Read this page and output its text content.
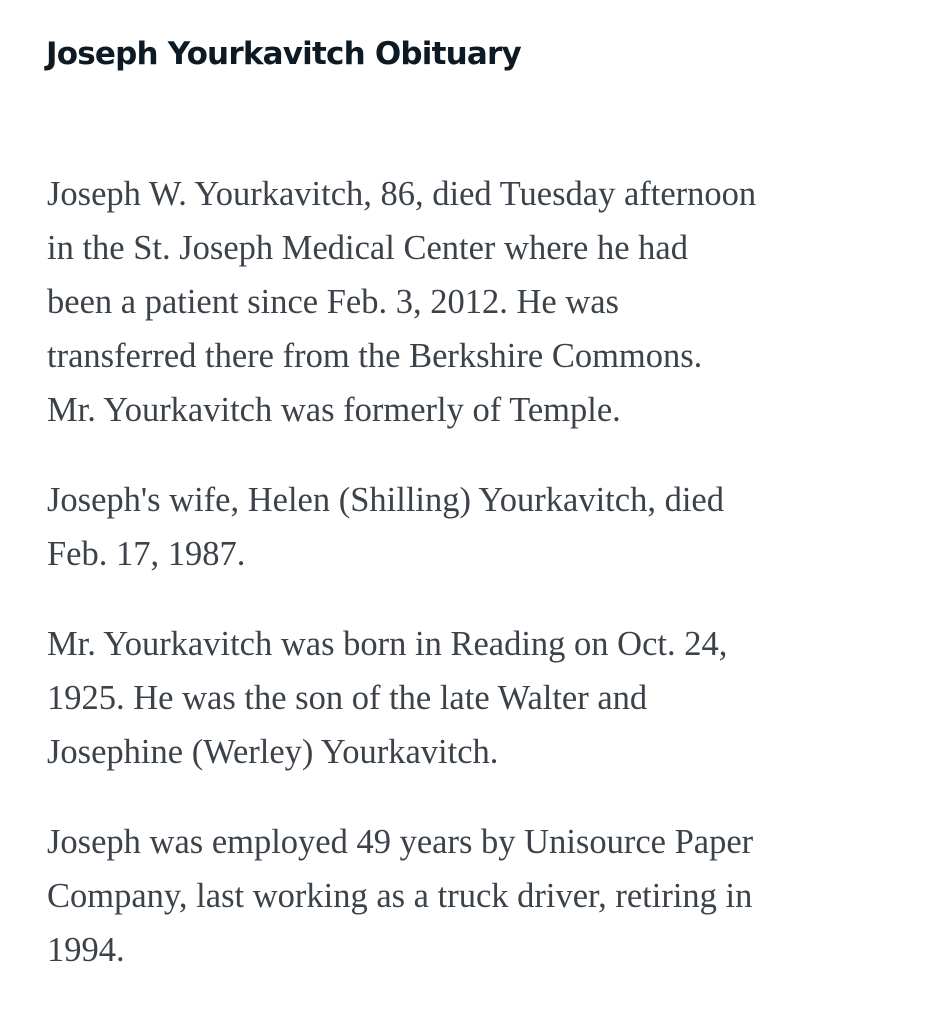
Joseph Yourkavitch Obituary

Joseph W. Yourkavitch, 86, died Tuesday afternoon
in the St. Joseph Medical Center where he had
been a patient since Feb. 3, 2012. He was
transferred there from the Berkshire Commons.
Mr. Yourkavitch was formerly of Temple.

Joseph's wife, Helen (Shilling) Yourkavitch, died
Feb. 17, 1987.

Mr. Yourkavitch was born in Reading on Oct. 24,
1925. He was the son of the late Walter and
Josephine (Werley) Yourkavitch.

Joseph was employed 49 years by Unisource Paper
Company, last working as a truck driver, retiring in
1994.
